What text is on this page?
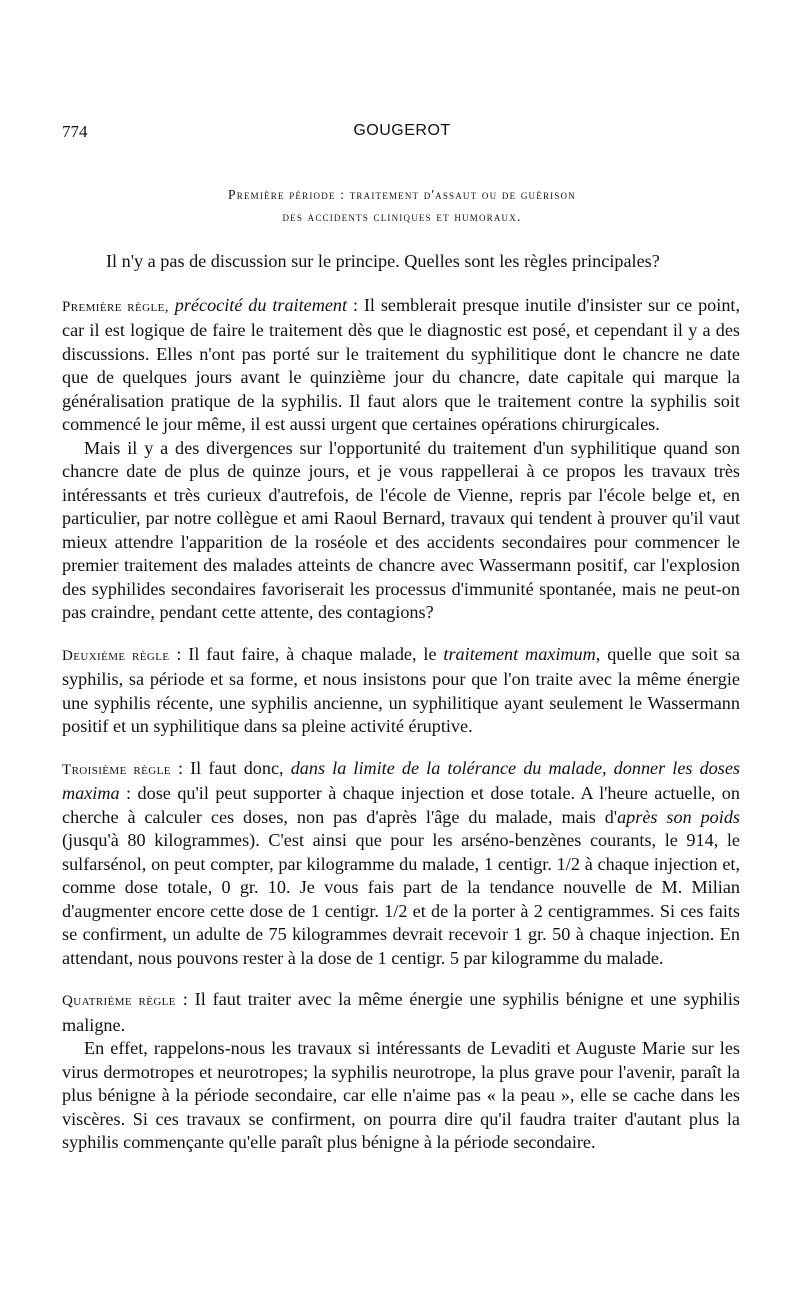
774	GOUGEROT
Première période : traitement d'assaut ou de guérison
des accidents cliniques et humoraux.

Il n'y a pas de discussion sur le principe. Quelles sont les règles principales?

Première règle, précocité du traitement : Il semblerait presque inutile d'insister sur ce point, car il est logique de faire le traitement dès que le diagnostic est posé, et cependant il y a des discussions. Elles n'ont pas porté sur le traitement du syphilitique dont le chancre ne date que de quelques jours avant le quinzième jour du chancre, date capitale qui marque la généralisation pratique de la syphilis. Il faut alors que le traitement contre la syphilis soit commencé le jour même, il est aussi urgent que certaines opérations chirurgicales.

Mais il y a des divergences sur l'opportunité du traitement d'un syphilitique quand son chancre date de plus de quinze jours, et je vous rappellerai à ce propos les travaux très intéressants et très curieux d'autrefois, de l'école de Vienne, repris par l'école belge et, en particulier, par notre collègue et ami Raoul Bernard, travaux qui tendent à prouver qu'il vaut mieux attendre l'apparition de la roséole et des accidents secondaires pour commencer le premier traitement des malades atteints de chancre avec Wassermann positif, car l'explosion des syphilides secondaires favoriserait les processus d'immunité spontanée, mais ne peut-on pas craindre, pendant cette attente, des contagions?

Deuxième règle : Il faut faire, à chaque malade, le traitement maximum, quelle que soit sa syphilis, sa période et sa forme, et nous insistons pour que l'on traite avec la même énergie une syphilis récente, une syphilis ancienne, un syphilitique ayant seulement le Wassermann positif et un syphilitique dans sa pleine activité éruptive.

Troisième règle : Il faut donc, dans la limite de la tolérance du malade, donner les doses maxima : dose qu'il peut supporter à chaque injection et dose totale. A l'heure actuelle, on cherche à calculer ces doses, non pas d'après l'âge du malade, mais d'après son poids (jusqu'à 80 kilogrammes). C'est ainsi que pour les arséno-benzènes courants, le 914, le sulfarsénol, on peut compter, par kilogramme du malade, 1 centigr. 1/2 à chaque injection et, comme dose totale, 0 gr. 10. Je vous fais part de la tendance nouvelle de M. Milian d'augmenter encore cette dose de 1 centigr. 1/2 et de la porter à 2 centigrammes. Si ces faits se confirment, un adulte de 75 kilogrammes devrait recevoir 1 gr. 50 à chaque injection. En attendant, nous pouvons rester à la dose de 1 centigr. 5 par kilogramme du malade.

Quatrième règle : Il faut traiter avec la même énergie une syphilis bénigne et une syphilis maligne.

En effet, rappelons-nous les travaux si intéressants de Levaditi et Auguste Marie sur les virus dermotropes et neurotropes; la syphilis neurotrope, la plus grave pour l'avenir, paraît la plus bénigne à la période secondaire, car elle n'aime pas « la peau », elle se cache dans les viscères. Si ces travaux se confirment, on pourra dire qu'il faudra traiter d'autant plus la syphilis commençante qu'elle paraît plus bénigne à la période secondaire.
